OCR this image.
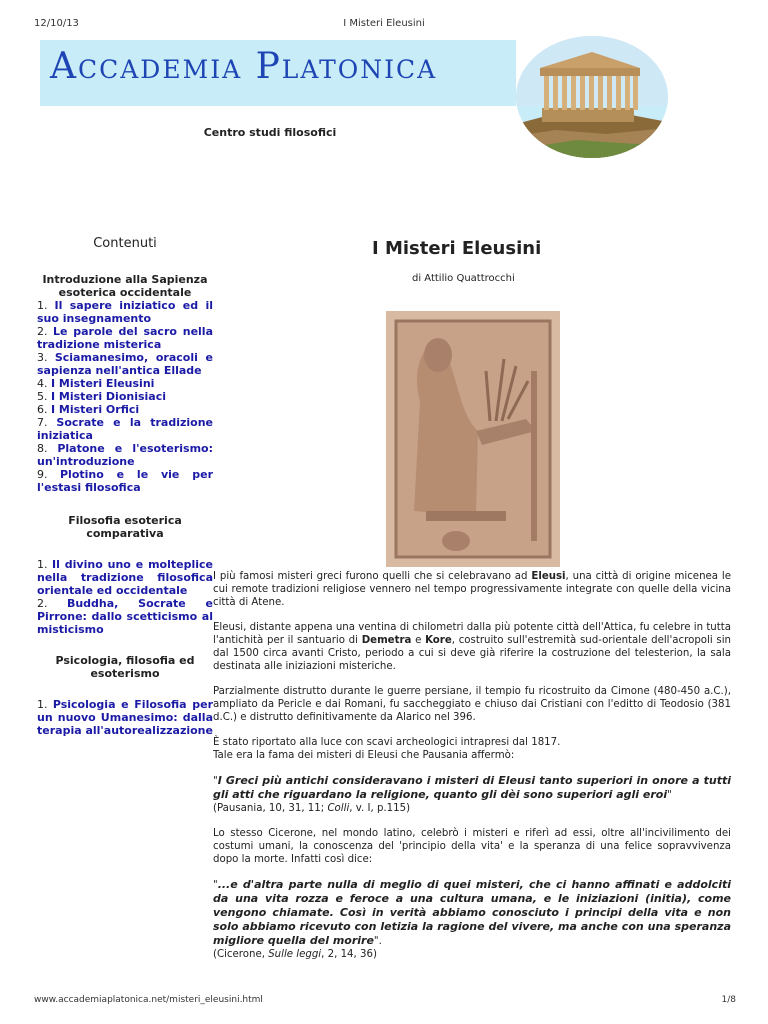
12/10/13	I Misteri Eleusini
Accademia Platonica
Centro studi filosofici
Contenuti
Introduzione alla Sapienza esoterica occidentale
1. Il sapere iniziatico ed il suo insegnamento
2. Le parole del sacro nella tradizione misterica
3. Sciamanesimo, oracoli e sapienza nell'antica Ellade
4. I Misteri Eleusini
5. I Misteri Dionisiaci
6. I Misteri Orfici
7. Socrate e la tradizione iniziatica
8. Platone e l'esoterismo: un'introduzione
9. Plotino e le vie per l'estasi filosofica
Filosofia esoterica comparativa
1. Il divino uno e molteplice nella tradizione filosofica orientale ed occidentale
2. Buddha, Socrate e Pirrone: dallo scetticismo al misticismo
Psicologia, filosofia ed esoterismo
1. Psicologia e Filosofia per un nuovo Umanesimo: dalla terapia all'autorealizzazione
I Misteri Eleusini
di Attilio Quattrocchi

I più famosi misteri greci furono quelli che si celebravano ad Eleusi, una città di origine micenea le cui remote tradizioni religiose vennero nel tempo progressivamente integrate con quelle della vicina città di Atene.

Eleusi, distante appena una ventina di chilometri dalla più potente città dell'Attica, fu celebre in tutta l'antichità per il santuario di Demetra e Kore, costruito sull'estremità sud-orientale dell'acropoli sin dal 1500 circa avanti Cristo, periodo a cui si deve già riferire la costruzione del telesterion, la sala destinata alle iniziazioni misteriche.

Parzialmente distrutto durante le guerre persiane, il tempio fu ricostruito da Cimone (480-450 a.C.), ampliato da Pericle e dai Romani, fu saccheggiato e chiuso dai Cristiani con l'editto di Teodosio (381 d.C.) e distrutto definitivamente da Alarico nel 396.

È stato riportato alla luce con scavi archeologici intrapresi dal 1817.
Tale era la fama dei misteri di Eleusi che Pausania affermò:

"I Greci più antichi consideravano i misteri di Eleusi tanto superiori in onore a tutti gli atti che riguardano la religione, quanto gli dèi sono superiori agli eroi"
(Pausania, 10, 31, 11; Colli, v. I, p.115)

Lo stesso Cicerone, nel mondo latino, celebrò i misteri e riferì ad essi, oltre all'incivilimento dei costumi umani, la conoscenza del 'principio della vita' e la speranza di una felice sopravvivenza dopo la morte. Infatti così dice:

"...e d'altra parte nulla di meglio di quei misteri, che ci hanno affinati e addolciti da una vita rozza e feroce a una cultura umana, e le iniziazioni (initia), come vengono chiamate. Così in verità abbiamo conosciuto i principi della vita e non solo abbiamo ricevuto con letizia la ragione del vivere, ma anche con una speranza migliore quella del morire".
(Cicerone, Sulle leggi, 2, 14, 36)

www.accademiaplatonica.net/misteri_eleusini.html	1/8
